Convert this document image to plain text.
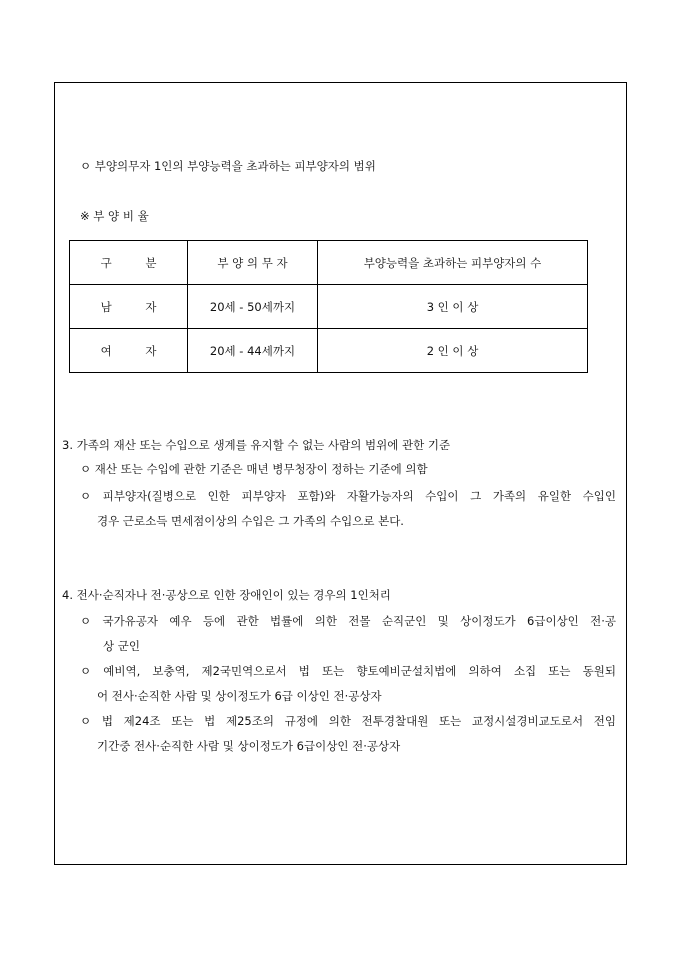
ㅇ 부양의무자 1인의 부양능력을 초과하는 피부양자의 범위
※ 부 양 비 율
구 분	부 양 의 무 자	부양능력을 초과하는 피부양자의 수
남 자	20세 - 50세까지	3 인 이 상
여 자	20세 - 44세까지	2 인 이 상
3. 가족의 재산 또는 수입으로 생계를 유지할 수 없는 사람의 범위에 관한 기준
ㅇ 재산 또는 수입에 관한 기준은 매년 병무청장이 정하는 기준에 의함
ㅇ 피부양자(질병으로 인한 피부양자 포함)와 자활가능자의 수입이 그 가족의 유일한 수입인
경우 근로소득 면세점이상의 수입은 그 가족의 수입으로 본다.
4. 전사·순직자나 전·공상으로 인한 장애인이 있는 경우의 1인처리
ㅇ 국가유공자 예우 등에 관한 법률에 의한 전몰 순직군인 및 상이정도가 6급이상인 전·공
상 군인
ㅇ 예비역, 보충역, 제2국민역으로서 법 또는 향토예비군설치법에 의하여 소집 또는 동원되
어 전사·순직한 사람 및 상이정도가 6급 이상인 전·공상자
ㅇ 법 제24조 또는 법 제25조의 규정에 의한 전투경찰대원 또는 교정시설경비교도로서 전임
기간중 전사·순직한 사람 및 상이정도가 6급이상인 전·공상자
